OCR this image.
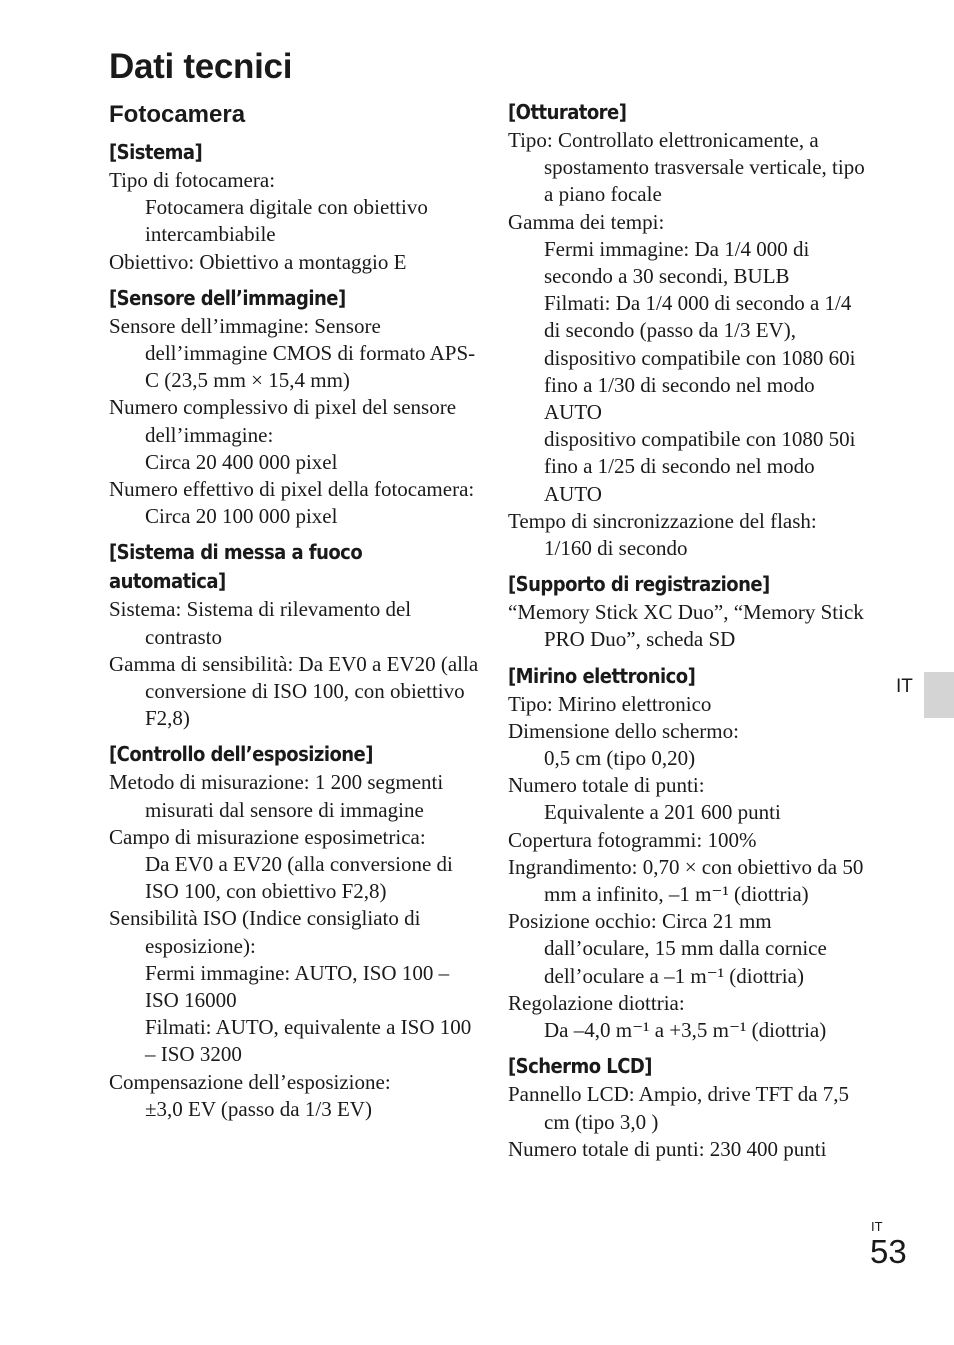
Dati tecnici
Fotocamera
[Sistema]
Tipo di fotocamera:
Fotocamera digitale con obiettivo intercambiabile
Obiettivo: Obiettivo a montaggio E
[Sensore dell’immagine]
Sensore dell’immagine: Sensore dell’immagine CMOS di formato APS-C (23,5 mm × 15,4 mm)
Numero complessivo di pixel del sensore dell’immagine:
Circa 20 400 000 pixel
Numero effettivo di pixel della fotocamera: Circa 20 100 000 pixel
[Sistema di messa a fuoco automatica]
Sistema: Sistema di rilevamento del contrasto
Gamma di sensibilità: Da EV0 a EV20 (alla conversione di ISO 100, con obiettivo F2,8)
[Controllo dell’esposizione]
Metodo di misurazione: 1 200 segmenti misurati dal sensore di immagine
Campo di misurazione esposimetrica:
Da EV0 a EV20 (alla conversione di ISO 100, con obiettivo F2,8)
Sensibilità ISO (Indice consigliato di esposizione):
Fermi immagine: AUTO, ISO 100 – ISO 16000
Filmati: AUTO, equivalente a ISO 100 – ISO 3200
Compensazione dell’esposizione:
±3,0 EV (passo da 1/3 EV)
[Otturatore]
Tipo: Controllato elettronicamente, a spostamento trasversale verticale, tipo a piano focale
Gamma dei tempi:
Fermi immagine: Da 1/4 000 di secondo a 30 secondi, BULB
Filmati: Da 1/4 000 di secondo a 1/4 di secondo (passo da 1/3 EV), dispositivo compatibile con 1080 60i fino a 1/30 di secondo nel modo AUTO
dispositivo compatibile con 1080 50i fino a 1/25 di secondo nel modo AUTO
Tempo di sincronizzazione del flash: 1/160 di secondo
[Supporto di registrazione]
“Memory Stick XC Duo”, “Memory Stick PRO Duo”, scheda SD
[Mirino elettronico]
Tipo: Mirino elettronico
Dimensione dello schermo:
0,5 cm (tipo 0,20)
Numero totale di punti:
Equivalente a 201 600 punti
Copertura fotogrammi: 100%
Ingrandimento: 0,70 × con obiettivo da 50 mm a infinito, –1 m⁻¹ (diottria)
Posizione occhio: Circa 21 mm dall’oculare, 15 mm dalla cornice dell’oculare a –1 m⁻¹ (diottria)
Regolazione diottria:
Da –4,0 m⁻¹ a +3,5 m⁻¹ (diottria)
[Schermo LCD]
Pannello LCD: Ampio, drive TFT da 7,5 cm (tipo 3,0 )
Numero totale di punti: 230 400 punti
IT
IT
53
